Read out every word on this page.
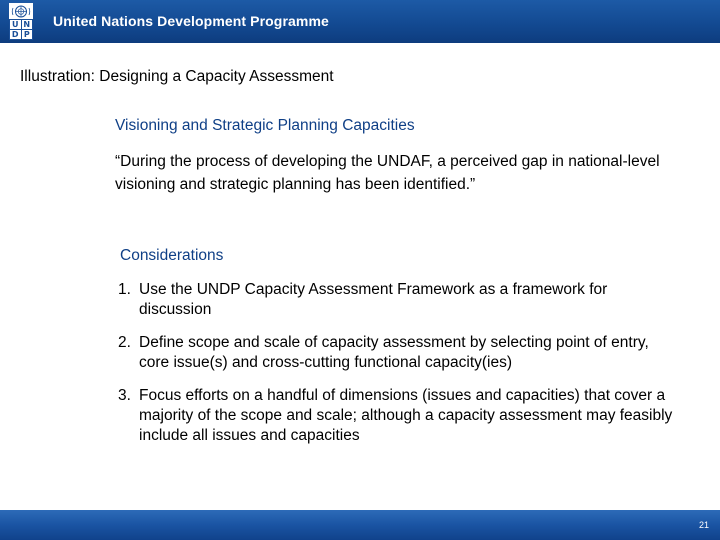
U N
D P
United Nations Development Programme
Illustration: Designing a Capacity Assessment
Visioning and Strategic Planning Capacities

“During the process of developing the UNDAF, a perceived gap in national-level visioning and strategic planning has been identified.”

Considerations
1. Use the UNDP Capacity Assessment Framework as a framework for discussion
2. Define scope and scale of capacity assessment by selecting point of entry, core issue(s) and cross-cutting functional capacity(ies)
3. Focus efforts on a handful of dimensions (issues and capacities) that cover a majority of the scope and scale; although a capacity assessment may feasibly include all issues and capacities
21
